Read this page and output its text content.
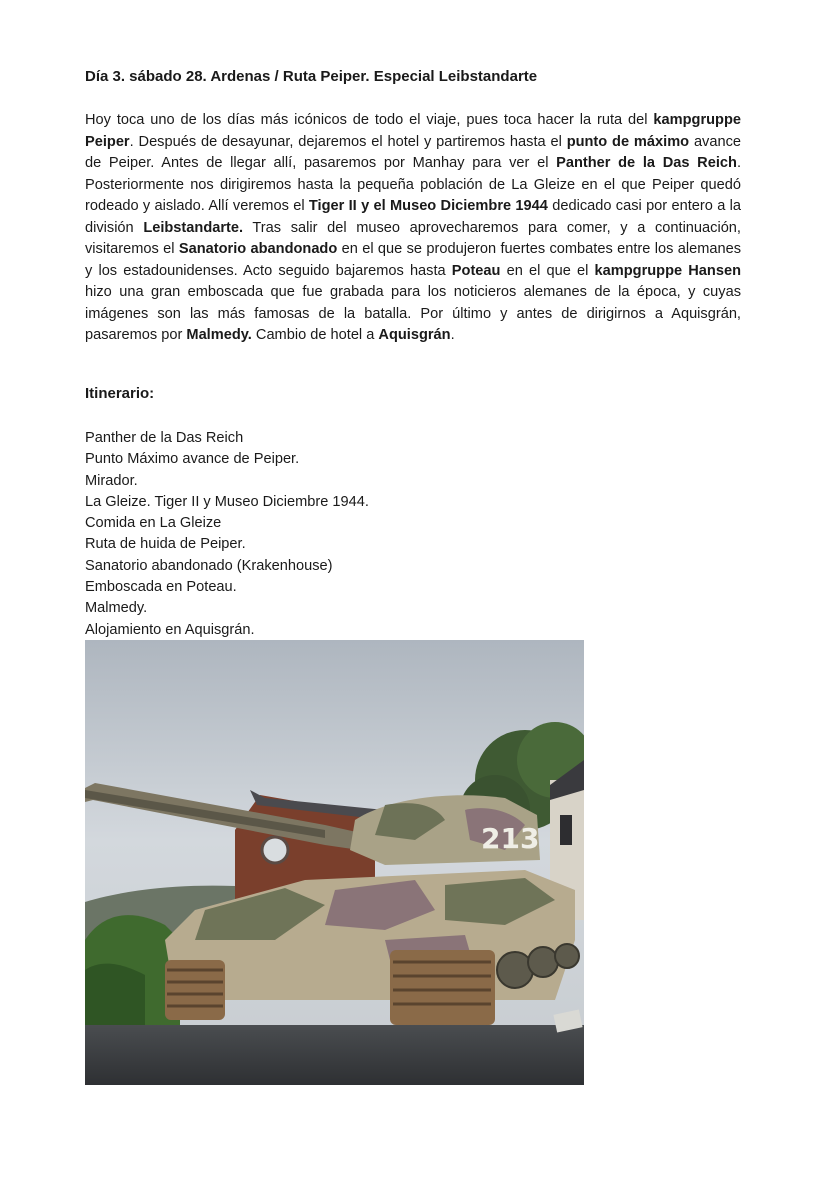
Día 3. sábado 28. Ardenas / Ruta Peiper. Especial Leibstandarte
Hoy toca uno de los días más icónicos de todo el viaje, pues toca hacer la ruta del kampgruppe Peiper. Después de desayunar, dejaremos el hotel y partiremos hasta el punto de máximo avance de Peiper. Antes de llegar allí, pasaremos por Manhay para ver el Panther de la Das Reich. Posteriormente nos dirigiremos hasta la pequeña población de La Gleize en el que Peiper quedó rodeado y aislado. Allí veremos el Tiger II y el Museo Diciembre 1944 dedicado casi por entero a la división Leibstandarte. Tras salir del museo aprovecharemos para comer, y a continuación, visitaremos el Sanatorio abandonado en el que se produjeron fuertes combates entre los alemanes y los estadounidenses. Acto seguido bajaremos hasta Poteau en el que el kampgruppe Hansen hizo una gran emboscada que fue grabada para los noticieros alemanes de la época, y cuyas imágenes son las más famosas de la batalla. Por último y antes de dirigirnos a Aquisgrán, pasaremos por Malmedy. Cambio de hotel a Aquisgrán.
Itinerario:
Panther de la Das Reich
Punto Máximo avance de Peiper.
Mirador.
La Gleize. Tiger II y Museo Diciembre 1944.
Comida en La Gleize
Ruta de huida de Peiper.
Sanatorio abandonado (Krakenhouse)
Emboscada en Poteau.
Malmedy.
Alojamiento en Aquisgrán.
213
